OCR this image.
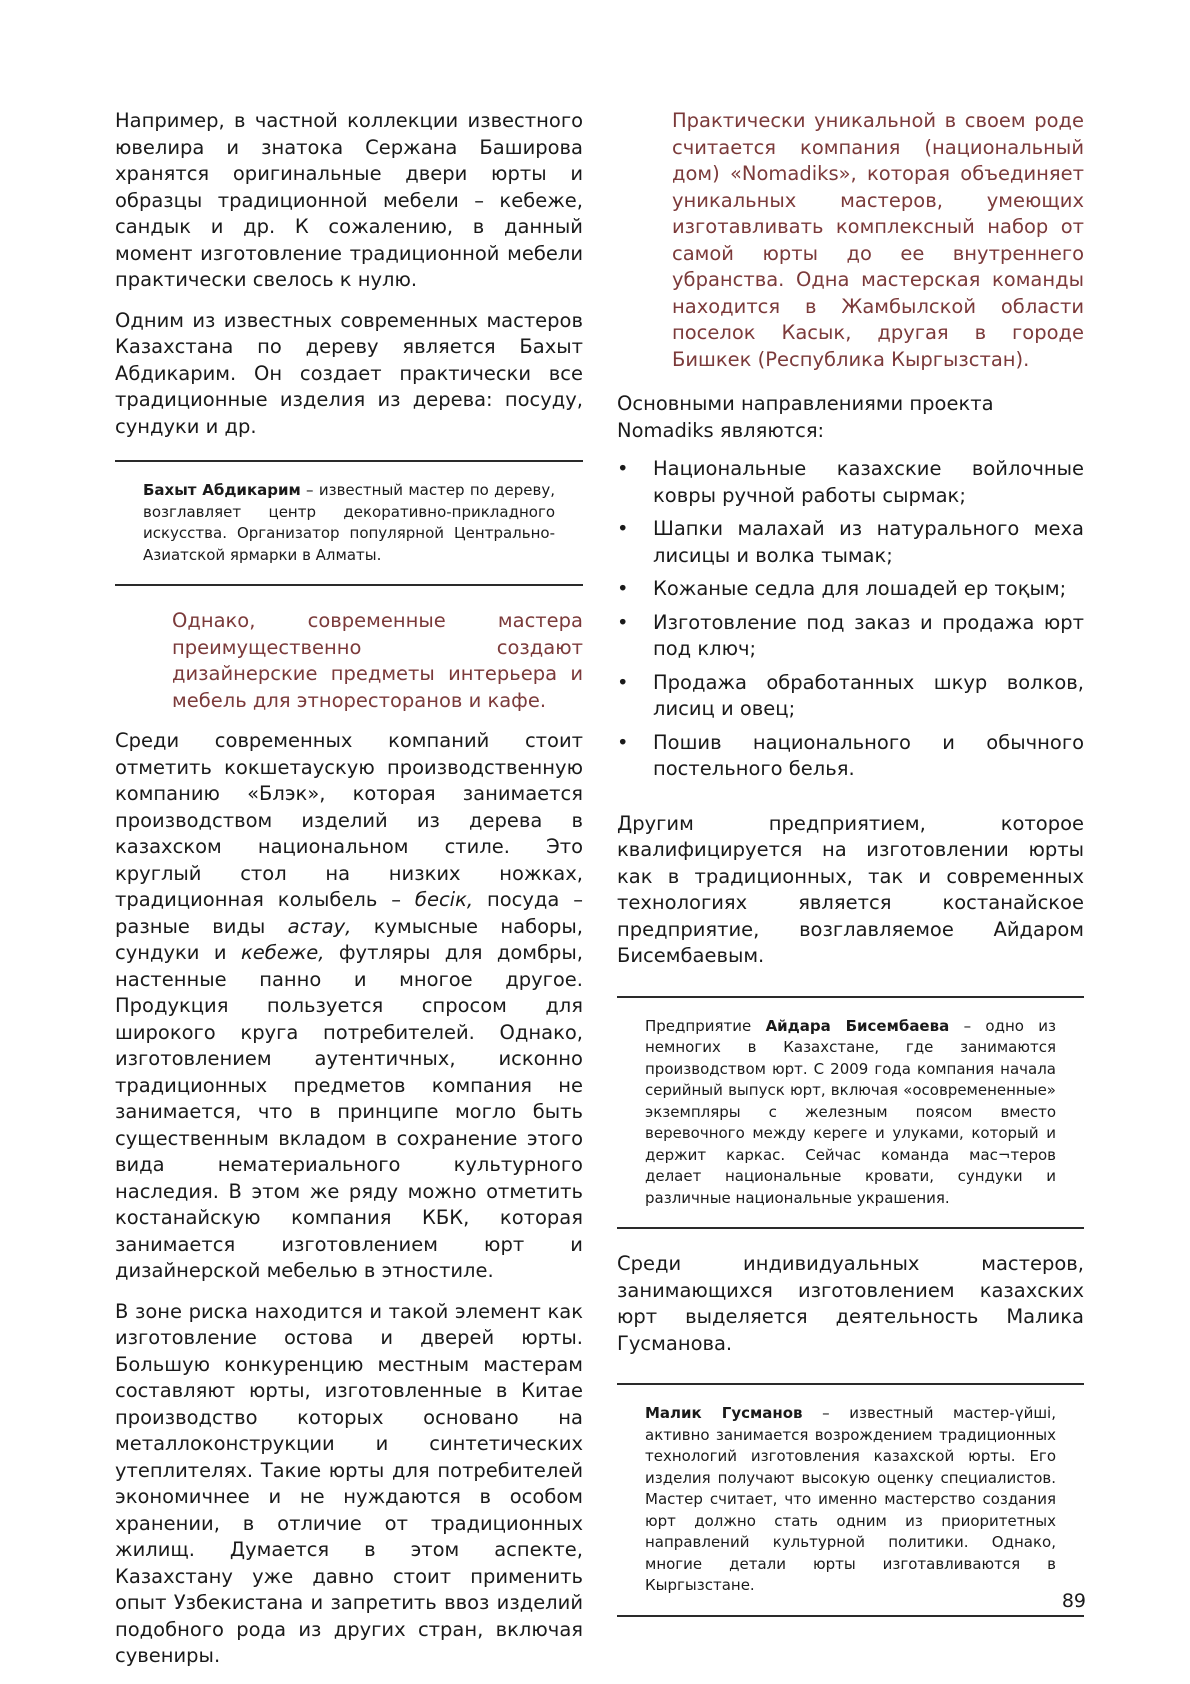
Например, в частной коллекции известного ювелира и знатока Сержана Баширова хранятся оригинальные двери юрты и образцы традиционной мебели – кебеже, сандык и др. К сожалению, в данный момент изготовление традиционной мебели практически свелось к нулю.

Одним из известных современных мастеров Казахстана по дереву является Бахыт Абдикарим. Он создает практически все традиционные изделия из дерева: посуду, сундуки и др.

Бахыт Абдикарим – известный мастер по дереву, возглавляет центр декоративно-прикладного искусства. Организатор популярной Центрально-Азиатской ярмарки в Алматы.
Однако, современные мастера преимущественно создают дизайнерские предметы интерьера и мебель для этноресторанов и кафе.

Среди современных компаний стоит отметить кокшетаускую производственную компанию «Блэк», которая занимается производством изделий из дерева в казахском национальном стиле. Это круглый стол на низких ножках, традиционная колыбель – бесік, посуда – разные виды астау, кумысные наборы, сундуки и кебеже, футляры для домбры, настенные панно и многое другое. Продукция пользуется спросом для широкого круга потребителей. Однако, изготовлением аутентичных, исконно традиционных предметов компания не занимается, что в принципе могло быть существенным вкладом в сохранение этого вида нематериального культурного наследия. В этом же ряду можно отметить костанайскую компания КБК, которая занимается изготовлением юрт и дизайнерской мебелью в этностиле.

В зоне риска находится и такой элемент как изготовление остова и дверей юрты. Большую конкуренцию местным мастерам составляют юрты, изготовленные в Китае производство которых основано на металлоконструкции и синтетических утеплителях. Такие юрты для потребителей экономичнее и не нуждаются в особом хранении, в отличие от традиционных жилищ. Думается в этом аспекте, Казахстану уже давно стоит применить опыт Узбекистана и запретить ввоз изделий подобного рода из других стран, включая сувениры.

Практически уникальной в своем роде считается компания (национальный дом) «Nomadiks», которая объединяет уникальных мастеров, умеющих изготавливать комплексный набор от самой юрты до ее внутреннего убранства. Одна мастерская команды находится в Жамбылской области поселок Касык, другая в городе Бишкек (Республика Кыргызстан).

Основными направлениями проекта Nomadiks являются:

• Национальные казахские войлочные ковры ручной работы сырмак;
• Шапки малахай из натурального меха лисицы и волка тымак;
• Кожаные седла для лошадей ер тоқым;
• Изготовление под заказ и продажа юрт под ключ;
• Продажа обработанных шкур волков, лисиц и овец;
• Пошив национального и обычного постельного белья.

Другим предприятием, которое квалифицируется на изготовлении юрты как в традиционных, так и современных технологиях является костанайское предприятие, возглавляемое Айдаром Бисембаевым.

Предприятие Айдара Бисембаева – одно из немногих в Казахстане, где занимаются производством юрт. С 2009 года компания начала серийный выпуск юрт, включая «осовремененные» экземпляры с железным поясом вместо веревочного между кереге и улуками, который и держит каркас. Сейчас команда мас¬теров делает национальные кровати, сундуки и различные национальные украшения.

Среди индивидуальных мастеров, занимающихся изготовлением казахских юрт выделяется деятельность Малика Гусманова.

Малик Гусманов – известный мастер-үйші, активно занимается возрождением традиционных технологий изготовления казахской юрты. Его изделия получают высокую оценку специалистов. Мастер считает, что именно мастерство создания юрт должно стать одним из приоритетных направлений культурной политики. Однако, многие детали юрты изготавливаются в Кыргызстане.
89
